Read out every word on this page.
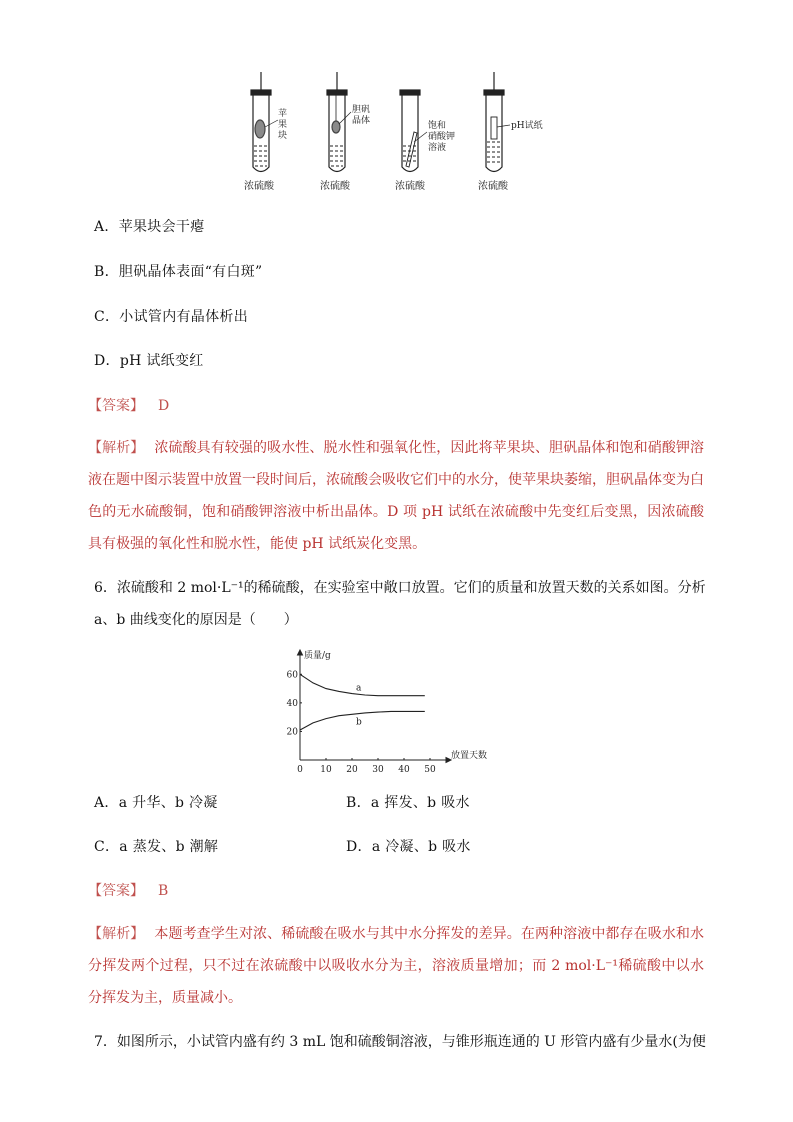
苹
果
块
胆矾
晶体	饱和
硝酸钾
溶液
pH试纸
浓硫酸	浓硫酸	浓硫酸	浓硫酸
A．苹果块会干瘪
B．胆矾晶体表面“有白斑”
C．小试管内有晶体析出
D．pH 试纸变红
【答案】 D
【解析】 浓硫酸具有较强的吸水性、脱水性和强氧化性，因此将苹果块、胆矾晶体和饱和硝酸钾溶液在题中图示装置中放置一段时间后，浓硫酸会吸收它们中的水分，使苹果块萎缩，胆矾晶体变为白色的无水硫酸铜，饱和硝酸钾溶液中析出晶体。D 项 pH 试纸在浓硫酸中先变红后变黑，因浓硫酸具有极强的氧化性和脱水性，能使 pH 试纸炭化变黑。
6．浓硫酸和 2 mol·L⁻¹的稀硫酸，在实验室中敞口放置。它们的质量和放置天数的关系如图。分析 a、b 曲线变化的原因是（　　）
0 10 20 30 40 50
20
40
60
质量/g
放置天数
a
b
A．a 升华、b 冷凝	B．a 挥发、b 吸水
C．a 蒸发、b 潮解	D．a 冷凝、b 吸水
【答案】 B
【解析】 本题考查学生对浓、稀硫酸在吸水与其中水分挥发的差异。在两种溶液中都存在吸水和水分挥发两个过程，只不过在浓硫酸中以吸收水分为主，溶液质量增加；而 2 mol·L⁻¹稀硫酸中以水分挥发为主，质量减小。
7．如图所示，小试管内盛有约 3 mL 饱和硫酸铜溶液，与锥形瓶连通的 U 形管内盛有少量水(为便
